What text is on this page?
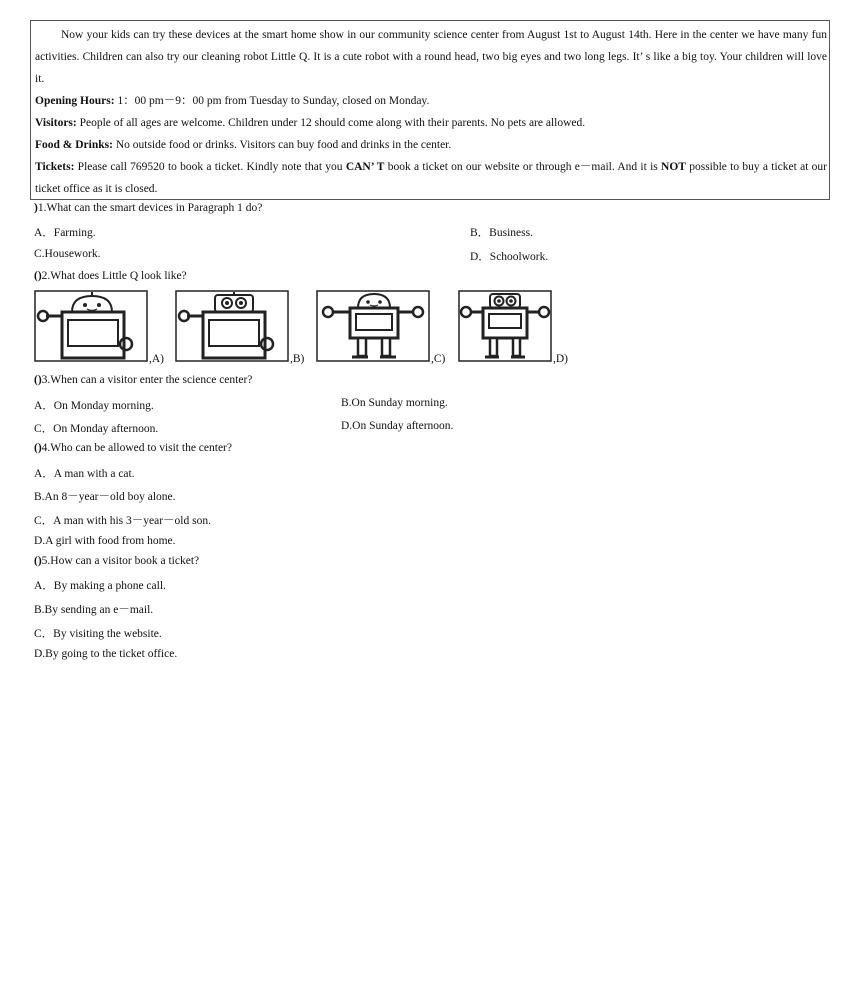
Now your kids can try these devices at the smart home show in our community science center from August 1st to August 14th. Here in the center we have many fun activities. Children can also try our cleaning robot Little Q. It is a cute robot with a round head, two big eyes and two long legs. It’ s like a big toy. Your children will love it.

Opening Hours: 1：00 pm－9：00 pm from Tuesday to Sunday, closed on Monday.

Visitors: People of all ages are welcome. Children under 12 should come along with their parents. No pets are allowed.

Food & Drinks: No outside food or drinks. Visitors can buy food and drinks in the center.

Tickets: Please call 769520 to book a ticket. Kindly note that you CAN’ T book a ticket on our website or through e－mail. And it is NOT possible to buy a ticket at our ticket office as it is closed.

)1.What can the smart devices in Paragraph 1 do?
A．Farming.	B．Business.
C.Housework.	D．Schoolwork.
()2.What does Little Q look like?
,A)	,B)	,C)	,D)
()3.When can a visitor enter the science center?
A．On Monday morning.	B.On Sunday morning.
C．On Monday afternoon.	D.On Sunday afternoon.
()4.Who can be allowed to visit the center?
A．A man with a cat.
B.An 8－year－old boy alone.
C．A man with his 3－year－old son.
D.A girl with food from home.
()5.How can a visitor book a ticket?
A．By making a phone call.
B.By sending an e－mail.
C．By visiting the website.
D.By going to the ticket office.
